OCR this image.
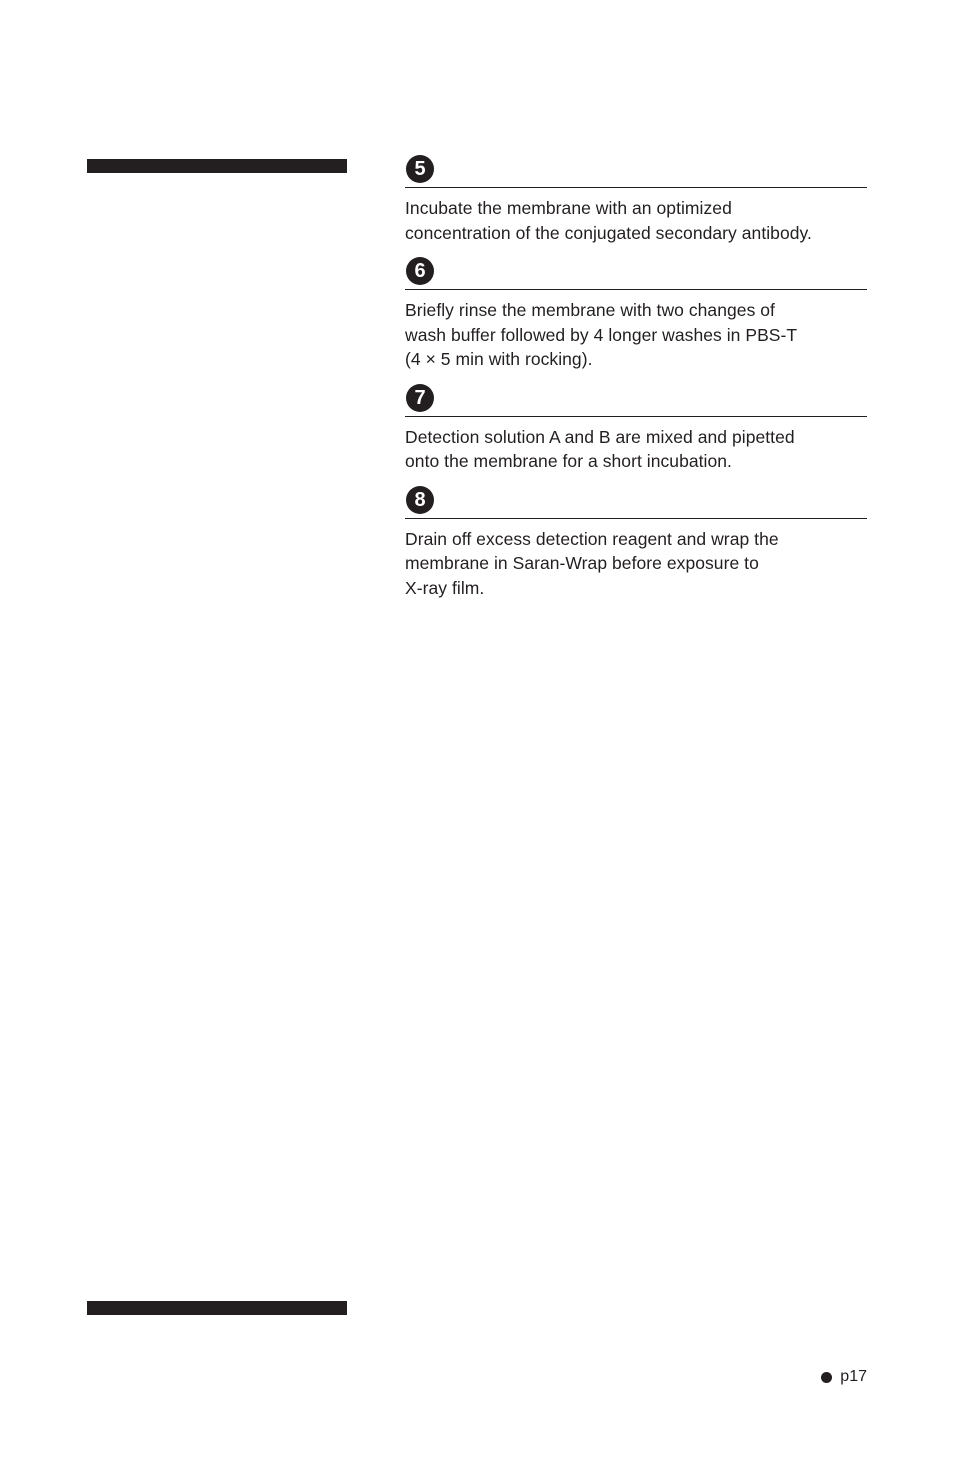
5

Incubate the membrane with an optimized
concentration of the conjugated secondary antibody.

6

Briefly rinse the membrane with two changes of
wash buffer followed by 4 longer washes in PBS-T
(4 × 5 min with rocking).

7

Detection solution A and B are mixed and pipetted
onto the membrane for a short incubation.

8

Drain off excess detection reagent and wrap the
membrane in Saran-Wrap before exposure to
X-ray film.

p17
